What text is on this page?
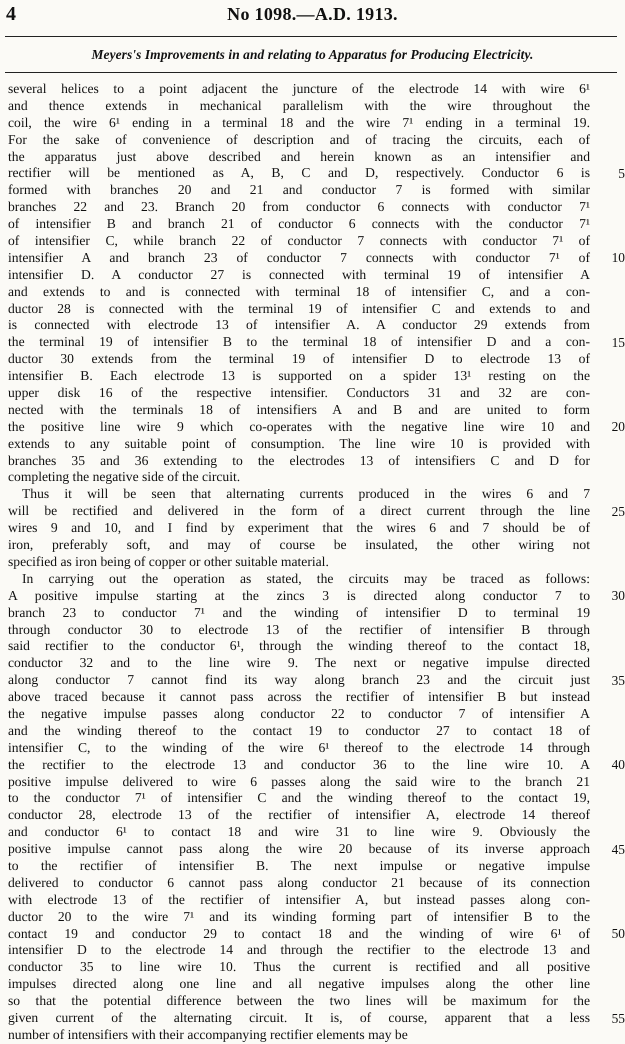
4	No 1098.—A.D. 1913.
Meyers's Improvements in and relating to Apparatus for Producing Electricity.
several helices to a point adjacent the juncture of the electrode 14 with wire 6¹
and thence extends in mechanical parallelism with the wire throughout the
coil, the wire 6¹ ending in a terminal 18 and the wire 7¹ ending in a terminal 19.
For the sake of convenience of description and of tracing the circuits, each of
the apparatus just above described and herein known as an intensifier and
rectifier will be mentioned as A, B, C and D, respectively. Conductor 6 is
formed with branches 20 and 21 and conductor 7 is formed with similar
branches 22 and 23. Branch 20 from conductor 6 connects with conductor 7¹
of intensifier B and branch 21 of conductor 6 connects with the conductor 7¹
of intensifier C, while branch 22 of conductor 7 connects with conductor 7¹ of
intensifier A and branch 23 of conductor 7 connects with conductor 7¹ of
intensifier D. A conductor 27 is connected with terminal 19 of intensifier A
and extends to and is connected with terminal 18 of intensifier C, and a con-
ductor 28 is connected with the terminal 19 of intensifier C and extends to and
is connected with electrode 13 of intensifier A. A conductor 29 extends from
the terminal 19 of intensifier B to the terminal 18 of intensifier D and a con-
ductor 30 extends from the terminal 19 of intensifier D to electrode 13 of
intensifier B. Each electrode 13 is supported on a spider 13¹ resting on the
upper disk 16 of the respective intensifier. Conductors 31 and 32 are con-
nected with the terminals 18 of intensifiers A and B and are united to form
the positive line wire 9 which co-operates with the negative line wire 10 and
extends to any suitable point of consumption. The line wire 10 is provided with
branches 35 and 36 extending to the electrodes 13 of intensifiers C and D for
completing the negative side of the circuit.
Thus it will be seen that alternating currents produced in the wires 6 and 7
will be rectified and delivered in the form of a direct current through the line
wires 9 and 10, and I find by experiment that the wires 6 and 7 should be of
iron, preferably soft, and may of course be insulated, the other wiring not
specified as iron being of copper or other suitable material.
In carrying out the operation as stated, the circuits may be traced as follows:
A positive impulse starting at the zincs 3 is directed along conductor 7 to
branch 23 to conductor 7¹ and the winding of intensifier D to terminal 19
through conductor 30 to electrode 13 of the rectifier of intensifier B through
said rectifier to the conductor 6¹, through the winding thereof to the contact 18,
conductor 32 and to the line wire 9. The next or negative impulse directed
along conductor 7 cannot find its way along branch 23 and the circuit just
above traced because it cannot pass across the rectifier of intensifier B but instead
the negative impulse passes along conductor 22 to conductor 7 of intensifier A
and the winding thereof to the contact 19 to conductor 27 to contact 18 of
intensifier C, to the winding of the wire 6¹ thereof to the electrode 14 through
the rectifier to the electrode 13 and conductor 36 to the line wire 10. A
positive impulse delivered to wire 6 passes along the said wire to the branch 21
to the conductor 7¹ of intensifier C and the winding thereof to the contact 19,
conductor 28, electrode 13 of the rectifier of intensifier A, electrode 14 thereof
and conductor 6¹ to contact 18 and wire 31 to line wire 9. Obviously the
positive impulse cannot pass along the wire 20 because of its inverse approach
to the rectifier of intensifier B. The next impulse or negative impulse
delivered to conductor 6 cannot pass along conductor 21 because of its connection
with electrode 13 of the rectifier of intensifier A, but instead passes along con-
ductor 20 to the wire 7¹ and its winding forming part of intensifier B to the
contact 19 and conductor 29 to contact 18 and the winding of wire 6¹ of
intensifier D to the electrode 14 and through the rectifier to the electrode 13 and
conductor 35 to line wire 10. Thus the current is rectified and all positive
impulses directed along one line and all negative impulses along the other line
so that the potential difference between the two lines will be maximum for the
given current of the alternating circuit. It is, of course, apparent that a less
number of intensifiers with their accompanying rectifier elements may be
5
10
15
20
25
30
35
40
45
50
55
